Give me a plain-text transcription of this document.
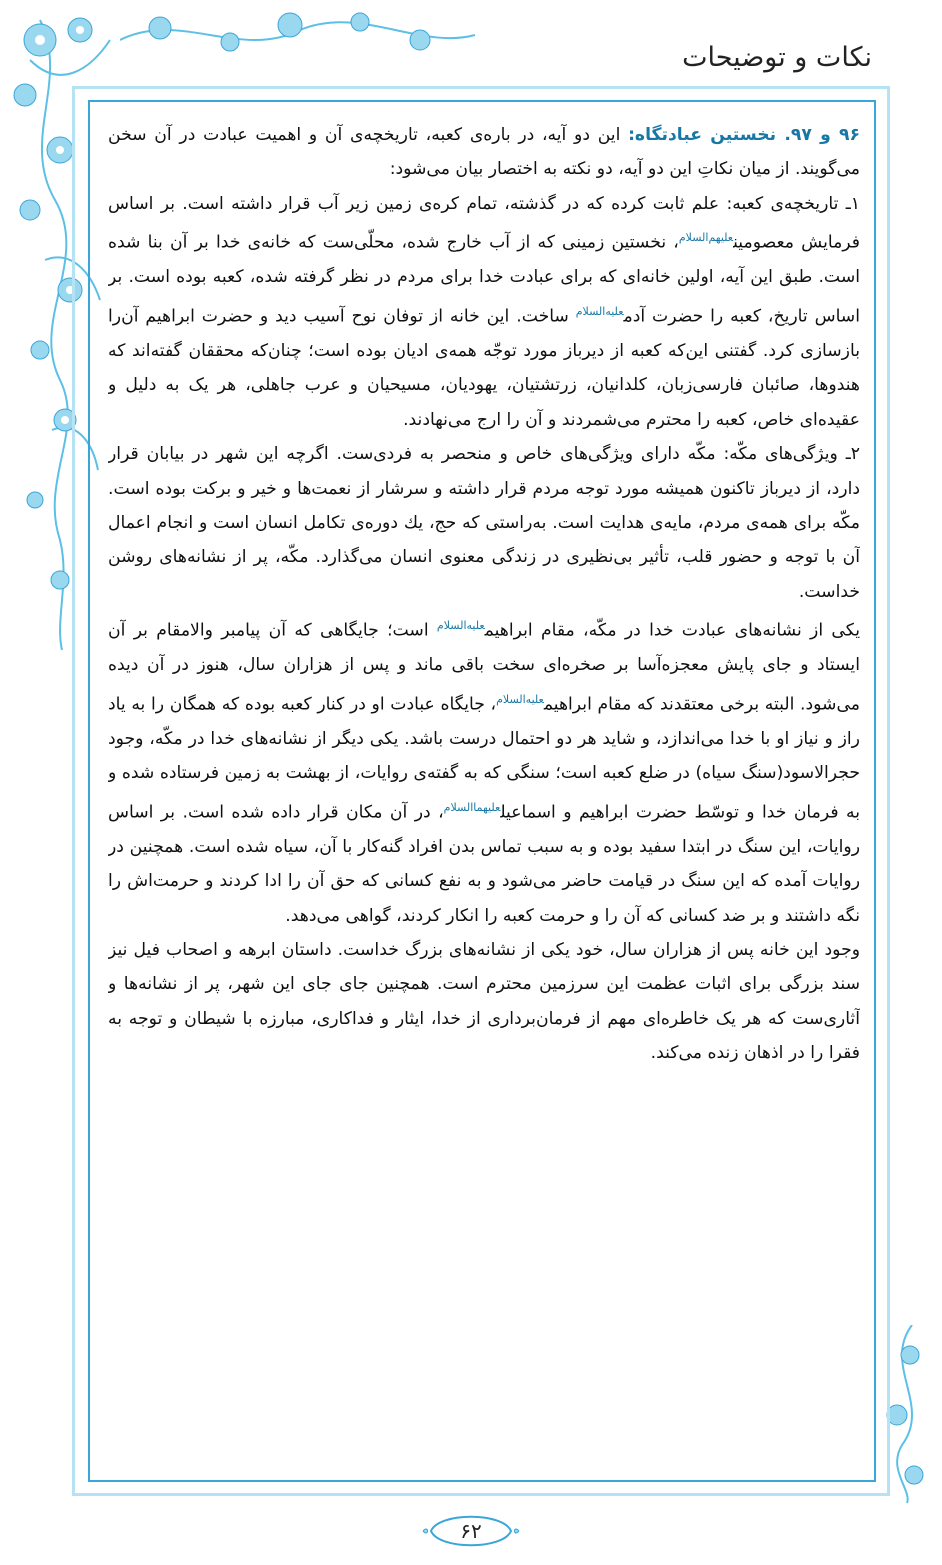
نکات و توضیحات

۹۶ و ۹۷. نخستین عبادتگاه: این دو آیه، در باره‌ی کعبه، تاریخچه‌ی آن و اهمیت عبادت در آن سخن می‌گویند. از میان نکاتِ این دو آیه، دو نکته به اختصار بیان می‌شود:

۱ـ تاریخچه‌ی کعبه: علم ثابت کرده که در گذشته، تمام کره‌ی زمین زیر آب قرار داشته است. بر اساس فرمایش معصومین$^{علیهم‌السلام}$، نخستین زمینی که از آب خارج شده، محلّی‌ست که خانه‌ی خدا بر آن بنا شده است. طبق این آیه، اولین خانه‌ای که برای عبادت خدا برای مردم در نظر گرفته شده، کعبه بوده است. بر اساس تاریخ، کعبه را حضرت آدم$^{علیه‌السلام}$ ساخت. این خانه از توفان نوح آسیب دید و حضرت ابراهیم آن‌را بازسازی کرد. گفتنی این‌که کعبه از دیرباز مورد توجّه همه‌ی ادیان بوده است؛ چنان‌که محققان گفته‌اند که هندوها، صائبان فارسی‌زبان، کلدانیان، زرتشتیان، یهودیان، مسیحیان و عرب جاهلی، هر یک به دلیل و عقیده‌ای خاص، کعبه را محترم می‌شمردند و آن را ارج می‌نهادند.

۲ـ ویژگی‌های مکّه: مکّه دارای ویژگی‌های خاص و منحصر به فردی‌ست. اگرچه این شهر در بیابان قرار دارد، از دیرباز تاکنون همیشه مورد توجه مردم قرار داشته و سرشار از نعمت‌ها و خیر و برکت بوده است. مکّه برای همه‌ی مردم، مایه‌ی هدایت است. به‌راستی که حج، یك دوره‌ی تکامل انسان است و انجام اعمال آن با توجه و حضور قلب، تأثیر بی‌نظیری در زندگی معنوی انسان می‌گذارد. مکّه، پر از نشانه‌های روشن خداست.

یکی از نشانه‌های عبادت خدا در مکّه، مقام ابراهیم$^{علیه‌السلام}$ است؛ جایگاهی که آن پیامبر والامقام بر آن ایستاد و جای پایش معجزه‌آسا بر صخره‌ای سخت باقی ماند و پس از هزاران سال، هنوز در آن دیده می‌شود. البته برخی معتقدند که مقام ابراهیم$^{علیه‌السلام}$، جایگاه عبادت او در کنار کعبه بوده که همگان را به یاد راز و نیاز او با خدا می‌اندازد، و شاید هر دو احتمال درست باشد. یکی دیگر از نشانه‌های خدا در مکّه، وجود حجرالاسود(سنگ سیاه) در ضلع کعبه است؛ سنگی که به گفته‌ی روایات، از بهشت به زمین فرستاده شده و به فرمان خدا و توسّط حضرت ابراهیم و اسماعیل$^{علیهماالسلام}$، در آن مکان قرار داده شده است. بر اساس روایات، این سنگ در ابتدا سفید بوده و به سبب تماس بدن افراد گنه‌کار با آن، سیاه شده است. همچنین در روایات آمده که این سنگ در قیامت حاضر می‌شود و به نفع کسانی که حق آن را ادا کردند و حرمت‌اش را نگه داشتند و بر ضد کسانی که آن را و حرمت کعبه را انکار کردند، گواهی می‌دهد.

وجود این خانه پس از هزاران سال، خود یکی از نشانه‌های بزرگ خداست. داستان ابرهه و اصحاب فیل نیز سند بزرگی برای اثبات عظمت این سرزمین محترم است. همچنین جای جای این شهر، پر از نشانه‌ها و آثاری‌ست که هر یک خاطره‌ای مهم از فرمان‌برداری از خدا، ایثار و فداکاری، مبارزه با شیطان و توجه به فقرا را در اذهان زنده می‌کند.

۶۲
